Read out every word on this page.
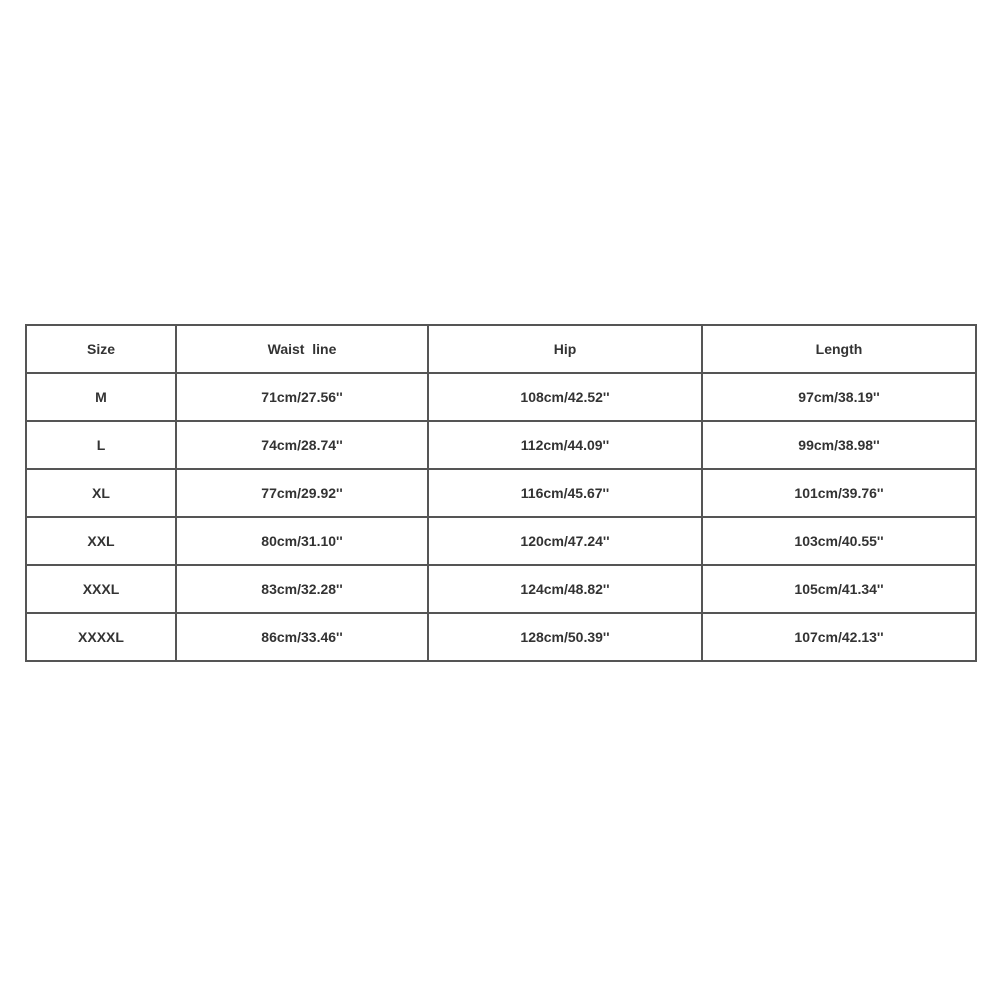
Size	Waist  line	Hip	Length
M	71cm/27.56''	108cm/42.52''	97cm/38.19''
L	74cm/28.74''	112cm/44.09''	99cm/38.98''
XL	77cm/29.92''	116cm/45.67''	101cm/39.76''
XXL	80cm/31.10''	120cm/47.24''	103cm/40.55''
XXXL	83cm/32.28''	124cm/48.82''	105cm/41.34''
XXXXL	86cm/33.46''	128cm/50.39''	107cm/42.13''
